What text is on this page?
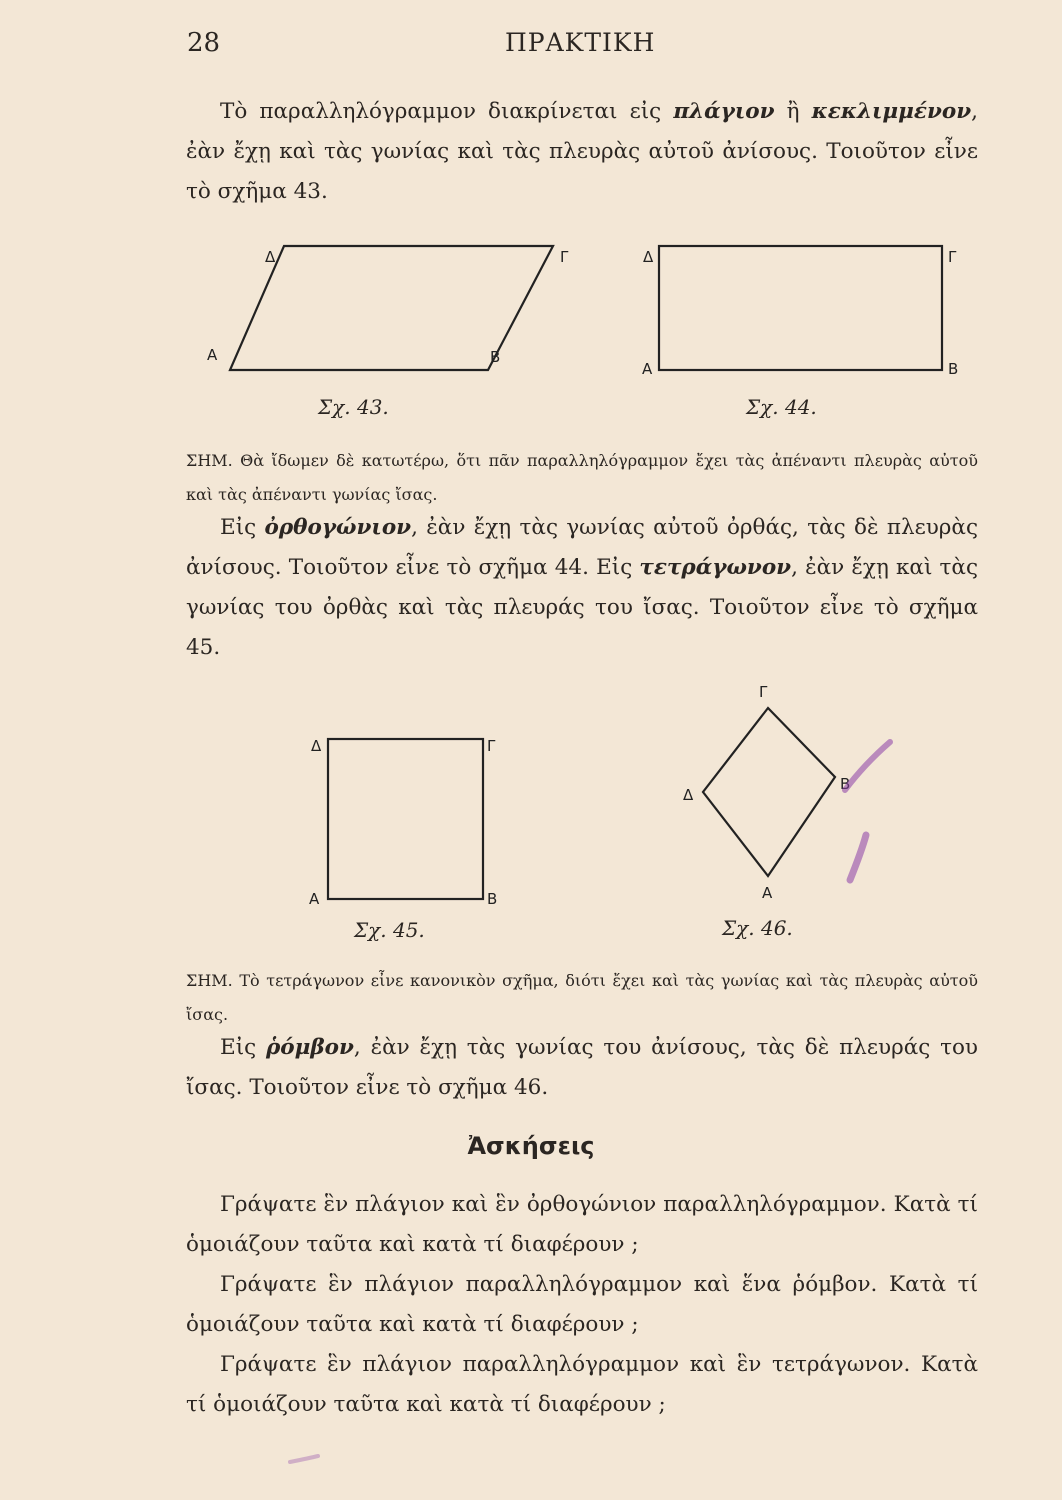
28	ΠΡΑΚΤΙΚΗ
Τὸ παραλληλόγραμμον διακρίνεται εἰς πλάγιον ἢ κεκλιμμένον, ἐὰν ἔχῃ καὶ τὰς γωνίας καὶ τὰς πλευρὰς αὐτοῦ ἀνίσους. Τοιοῦτον εἶνε τὸ σχῆμα 43.
Α	Β
Γ
Δ
Α	Β
Γ
Δ
Α	Β
Γ
Δ
Α
Β
Γ
Δ
Σχ. 43.	Σχ. 44.
ΣΗΜ. Θὰ ἴδωμεν δὲ κατωτέρω, ὅτι πᾶν παραλληλόγραμμον ἔχει τὰς ἀπέναντι πλευρὰς αὐτοῦ καὶ τὰς ἀπέναντι γωνίας ἴσας.
Εἰς ὀρθογώνιον, ἐὰν ἔχῃ τὰς γωνίας αὐτοῦ ὀρθάς, τὰς δὲ πλευρὰς ἀνίσους. Τοιοῦτον εἶνε τὸ σχῆμα 44. Εἰς τετράγωνον, ἐὰν ἔχῃ καὶ τὰς γωνίας του ὀρθὰς καὶ τὰς πλευράς του ἴσας. Τοιοῦτον εἶνε τὸ σχῆμα 45.
Σχ. 45.	Σχ. 46.
ΣΗΜ. Τὸ τετράγωνον εἶνε κανονικὸν σχῆμα, διότι ἔχει καὶ τὰς γωνίας καὶ τὰς πλευρὰς αὐτοῦ ἴσας.
Εἰς ῥόμβον, ἐὰν ἔχῃ τὰς γωνίας του ἀνίσους, τὰς δὲ πλευράς του ἴσας. Τοιοῦτον εἶνε τὸ σχῆμα 46.
Ἀσκήσεις
Γράψατε ἓν πλάγιον καὶ ἓν ὀρθογώνιον παραλληλόγραμμον. Κατὰ τί ὁμοιάζουν ταῦτα καὶ κατὰ τί διαφέρουν ;
Γράψατε ἓν πλάγιον παραλληλόγραμμον καὶ ἕνα ῥόμβον. Κατὰ τί ὁμοιάζουν ταῦτα καὶ κατὰ τί διαφέρουν ;
Γράψατε ἓν πλάγιον παραλληλόγραμμον καὶ ἓν τετράγωνον. Κατὰ τί ὁμοιάζουν ταῦτα καὶ κατὰ τί διαφέρουν ;
